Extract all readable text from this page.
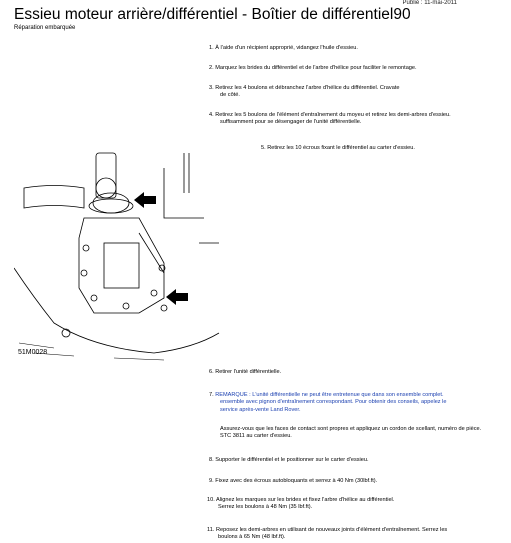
Publié : 11-mai-2011
Essieu moteur arrière/différentiel - Boîtier de différentiel90
Réparation embarquée
1. À l'aide d'un récipient approprié, vidangez l'huile d'essieu.
2. Marquez les brides du différentiel et de l'arbre d'hélice pour faciliter le remontage.
3. Retirez les 4 boulons et débranchez l'arbre d'hélice du différentiel. Cravate
de côté.
4. Retirez les 5 boulons de l'élément d'entraînement du moyeu et retirez les demi-arbres d'essieu.
suffisamment pour se désengager de l'unité différentielle.
5. Retirez les 10 écrous fixant le différentiel au carter d'essieu.
51M0028
6. Retirer l'unité différentielle.
7. REMARQUE : L'unité différentielle ne peut être entretenue que dans son ensemble complet.
ensemble avec pignon d'entraînement correspondant. Pour obtenir des conseils, appelez le
service après-vente Land Rover.
Assurez-vous que les faces de contact sont propres et appliquez un cordon de scellant, numéro de pièce.
STC 3811 au carter d'essieu.
8. Supporter le différentiel et le positionner sur le carter d'essieu.
9. Fixez avec des écrous autobloquants et serrez à 40 Nm (30lbf.ft).
10. Alignez les marques sur les brides et fixez l'arbre d'hélice au différentiel.
Serrez les boulons à 48 Nm (35 lbf.ft).
11. Reposez les demi-arbres en utilisant de nouveaux joints d'élément d'entraînement. Serrez les
boulons à 65 Nm (48 lbf.ft).
